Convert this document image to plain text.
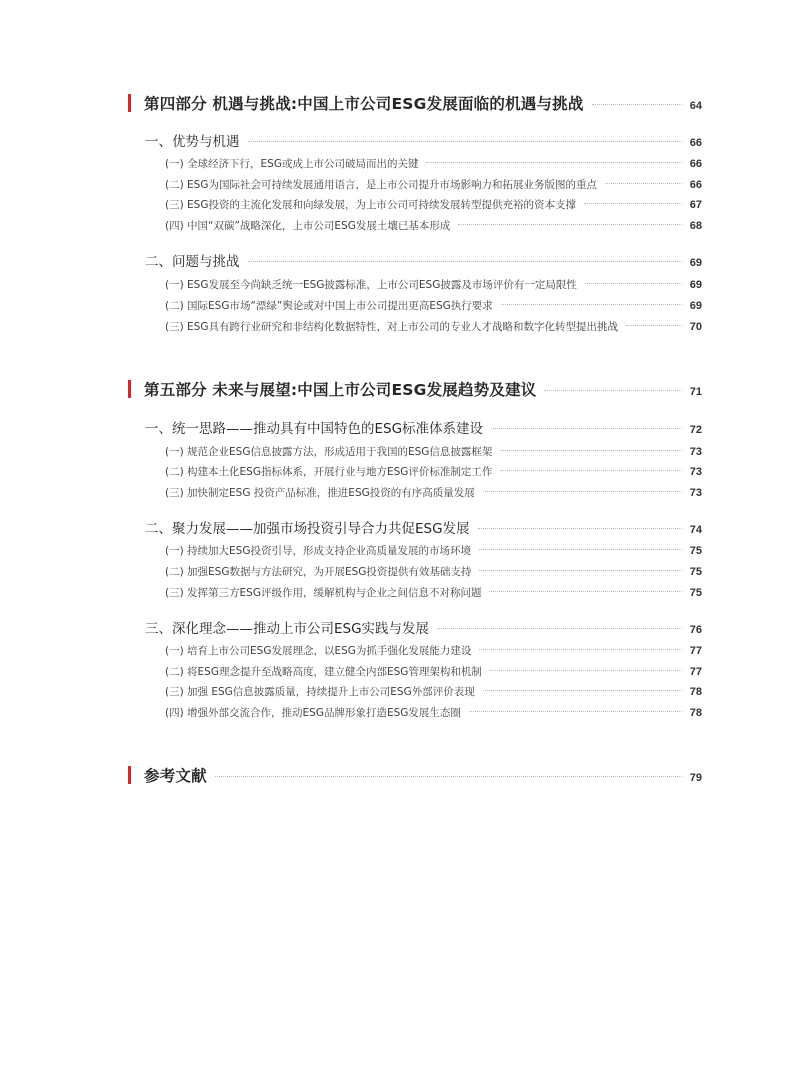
第四部分 机遇与挑战:中国上市公司ESG发展面临的机遇与挑战	64
一、优势与机遇	66
(一) 全球经济下行，ESG或成上市公司破局而出的关键	66
(二) ESG为国际社会可持续发展通用语言，是上市公司提升市场影响力和拓展业务版图的重点	66
(三) ESG投资的主流化发展和向绿发展，为上市公司可持续发展转型提供充裕的资本支撑	67
(四) 中国“双碳”战略深化，上市公司ESG发展土壤已基本形成	68
二、问题与挑战	69
(一) ESG发展至今尚缺乏统一ESG披露标准，上市公司ESG披露及市场评价有一定局限性	69
(二) 国际ESG市场“漂绿”舆论或对中国上市公司提出更高ESG执行要求	69
(三) ESG具有跨行业研究和非结构化数据特性，对上市公司的专业人才战略和数字化转型提出挑战	70
第五部分 未来与展望:中国上市公司ESG发展趋势及建议	71
一、统一思路——推动具有中国特色的ESG标准体系建设	72
(一) 规范企业ESG信息披露方法，形成适用于我国的ESG信息披露框架	73
(二) 构建本土化ESG指标体系，开展行业与地方ESG评价标准制定工作	73
(三) 加快制定ESG 投资产品标准，推进ESG投资的有序高质量发展	73
二、聚力发展——加强市场投资引导合力共促ESG发展	74
(一) 持续加大ESG投资引导，形成支持企业高质量发展的市场环境	75
(二) 加强ESG数据与方法研究，为开展ESG投资提供有效基础支持	75
(三) 发挥第三方ESG评级作用，缓解机构与企业之间信息不对称问题	75
三、深化理念——推动上市公司ESG实践与发展	76
(一) 培育上市公司ESG发展理念，以ESG为抓手强化发展能力建设	77
(二) 将ESG理念提升至战略高度，建立健全内部ESG管理架构和机制	77
(三) 加强 ESG信息披露质量，持续提升上市公司ESG外部评价表现	78
(四) 增强外部交流合作，推动ESG品牌形象打造ESG发展生态圈	78
参考文献	79
